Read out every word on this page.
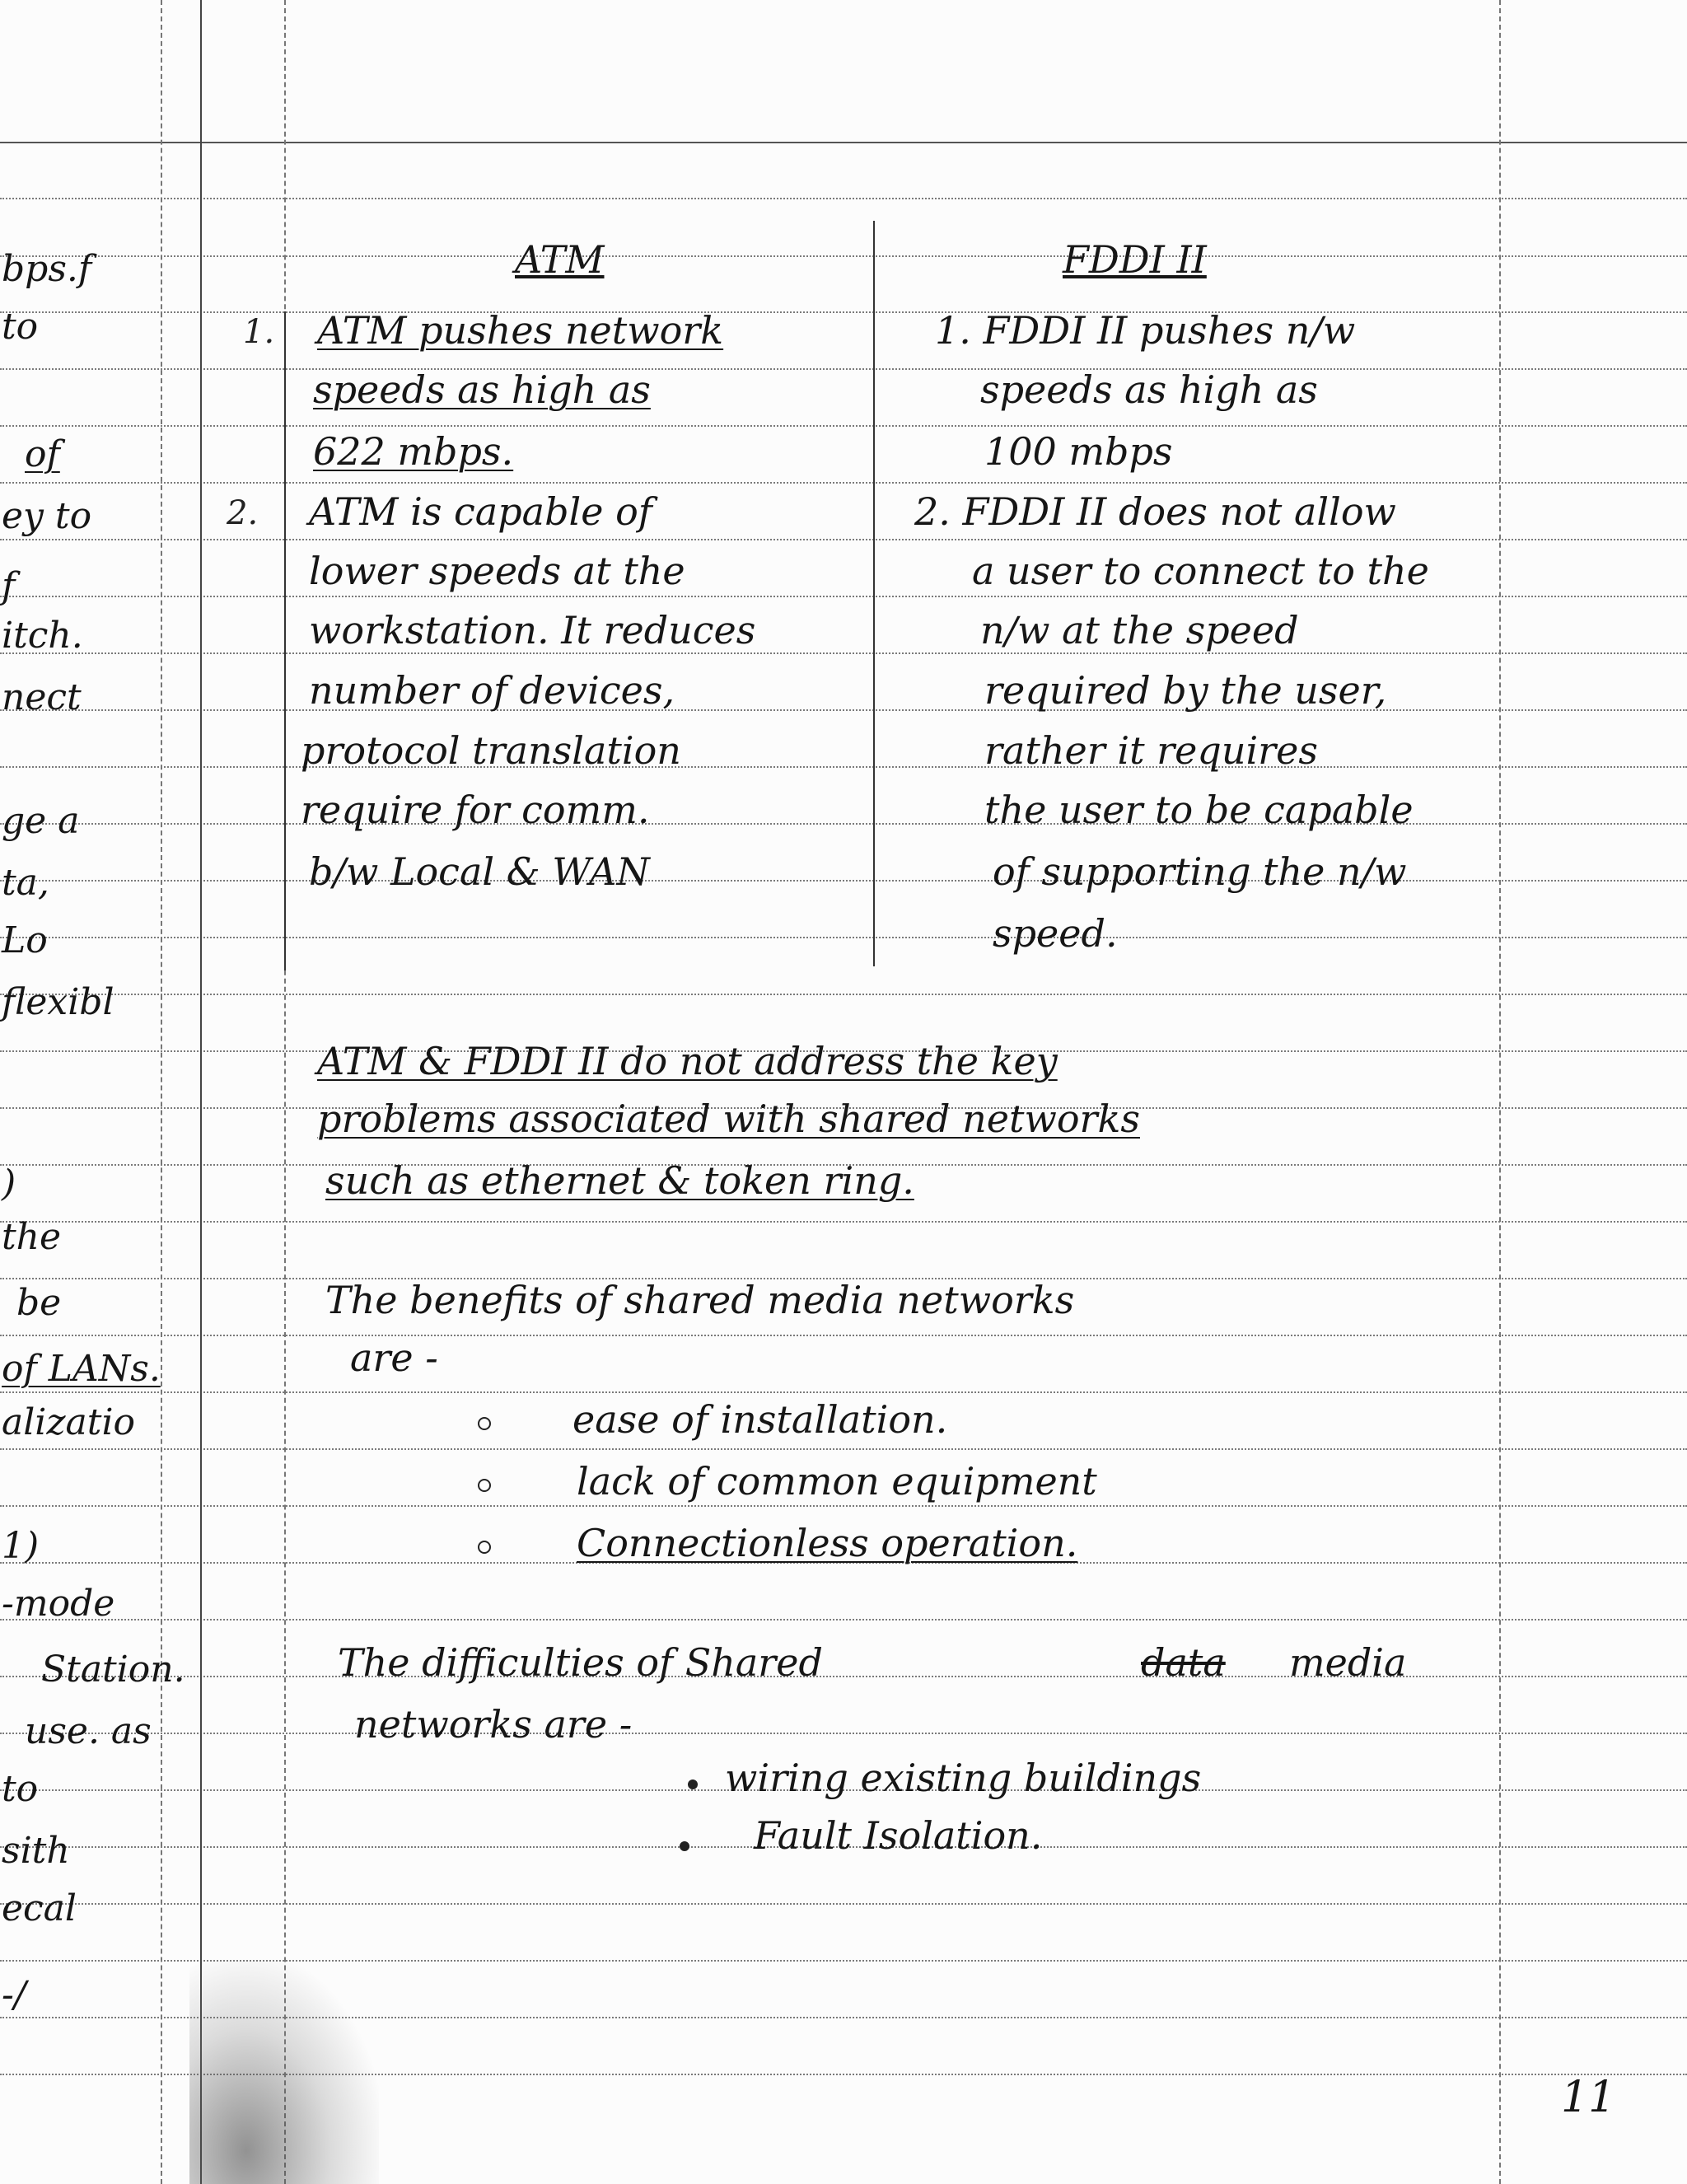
bps.f
to
of
ey to
f
itch.
nect
ge a
ta,
Lo
flexibl
)
the
be
of LANs.
alizatio
1)
-mode
Station.
use. as
to
sith
ecal
-/
ATM	FDDI II
1. ATM pushes network
speeds as high as
622 mbps.
1. FDDI II pushes n/w
speeds as high as
100 mbps
2. ATM is capable of
lower speeds at the
workstation. It reduces
number of devices,
protocol translation
require for comm.
b/w Local & WAN
2. FDDI II does not allow
a user to connect to the
n/w at the speed
required by the user,
rather it requires
the user to be capable
of supporting the n/w
speed.
ATM & FDDI II do not address the key
problems associated with shared networks
such as ethernet & token ring.
The benefits of shared media networks
are -
ease of installation.
lack of common equipment
Connectionless operation.
The difficulties of Shared	data media
networks are -
wiring existing buildings
Fault Isolation.
11
